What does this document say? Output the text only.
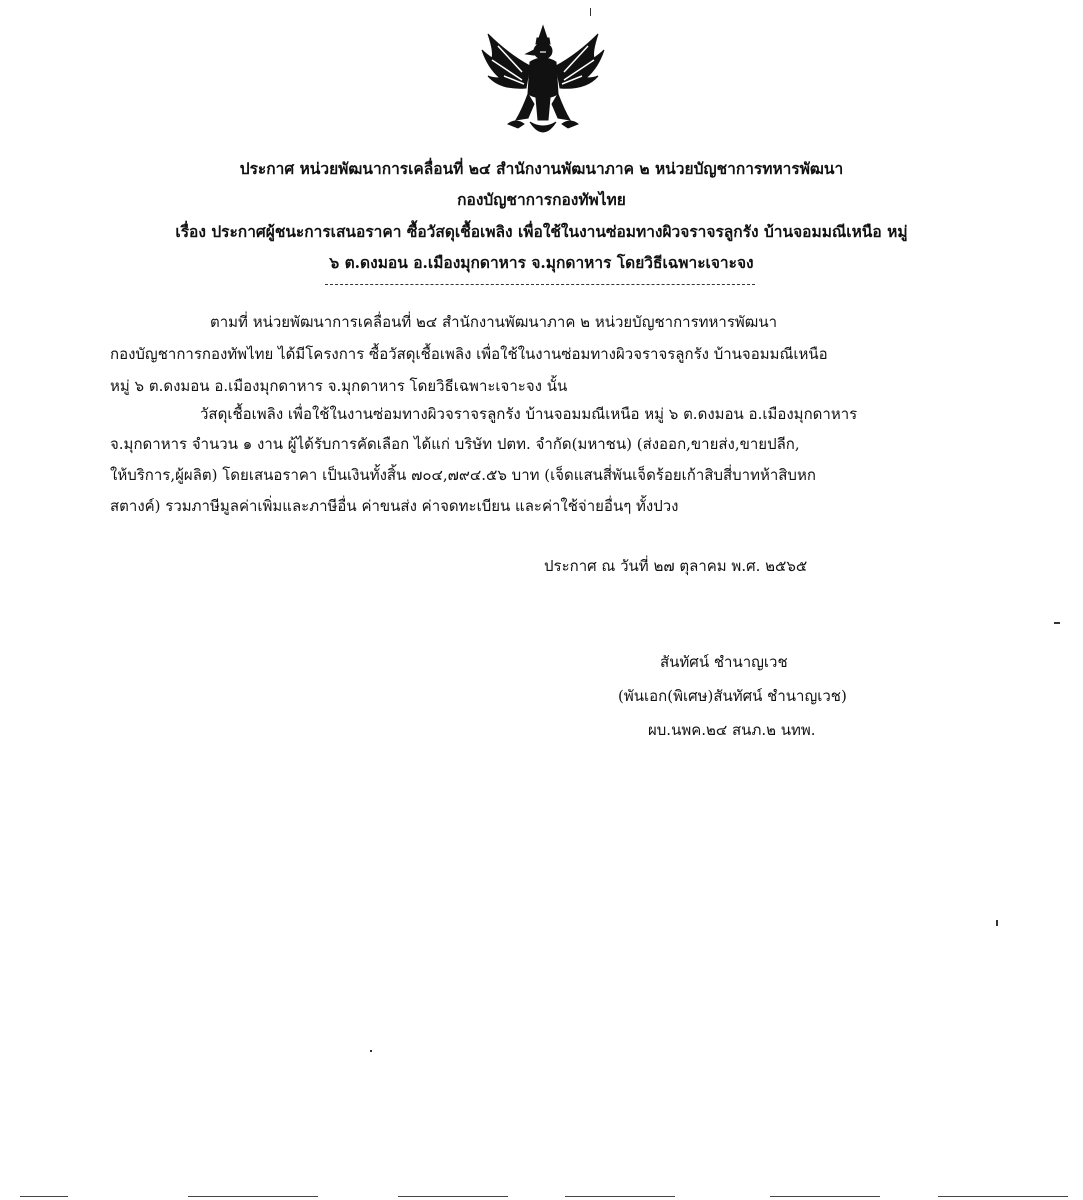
ประกาศ หน่วยพัฒนาการเคลื่อนที่ ๒๔ สำนักงานพัฒนาภาค ๒ หน่วยบัญชาการทหารพัฒนา
กองบัญชาการกองทัพไทย
เรื่อง ประกาศผู้ชนะการเสนอราคา ซื้อวัสดุเชื้อเพลิง เพื่อใช้ในงานซ่อมทางผิวจราจรลูกรัง บ้านจอมมณีเหนือ หมู่
๖ ต.ดงมอน อ.เมืองมุกดาหาร จ.มุกดาหาร โดยวิธีเฉพาะเจาะจง
ตามที่ หน่วยพัฒนาการเคลื่อนที่ ๒๔ สำนักงานพัฒนาภาค ๒ หน่วยบัญชาการทหารพัฒนา
กองบัญชาการกองทัพไทย ได้มีโครงการ ซื้อวัสดุเชื้อเพลิง เพื่อใช้ในงานซ่อมทางผิวจราจรลูกรัง บ้านจอมมณีเหนือ
หมู่ ๖ ต.ดงมอน อ.เมืองมุกดาหาร จ.มุกดาหาร โดยวิธีเฉพาะเจาะจง นั้น
วัสดุเชื้อเพลิง เพื่อใช้ในงานซ่อมทางผิวจราจรลูกรัง บ้านจอมมณีเหนือ หมู่ ๖ ต.ดงมอน อ.เมืองมุกดาหาร
จ.มุกดาหาร จำนวน ๑ งาน ผู้ได้รับการคัดเลือก ได้แก่ บริษัท ปตท. จำกัด(มหาชน) (ส่งออก,ขายส่ง,ขายปลีก,
ให้บริการ,ผู้ผลิต) โดยเสนอราคา เป็นเงินทั้งสิ้น ๗๐๔,๗๙๔.๕๖ บาท (เจ็ดแสนสี่พันเจ็ดร้อยเก้าสิบสี่บาทห้าสิบหก
สตางค์) รวมภาษีมูลค่าเพิ่มและภาษีอื่น ค่าขนส่ง ค่าจดทะเบียน และค่าใช้จ่ายอื่นๆ ทั้งปวง
ประกาศ ณ วันที่ ๒๗ ตุลาคม พ.ศ. ๒๕๖๕
สันทัศน์ ชำนาญเวช
(พันเอก(พิเศษ)สันทัศน์ ชำนาญเวช)
ผบ.นพค.๒๔ สนภ.๒ นทพ.
